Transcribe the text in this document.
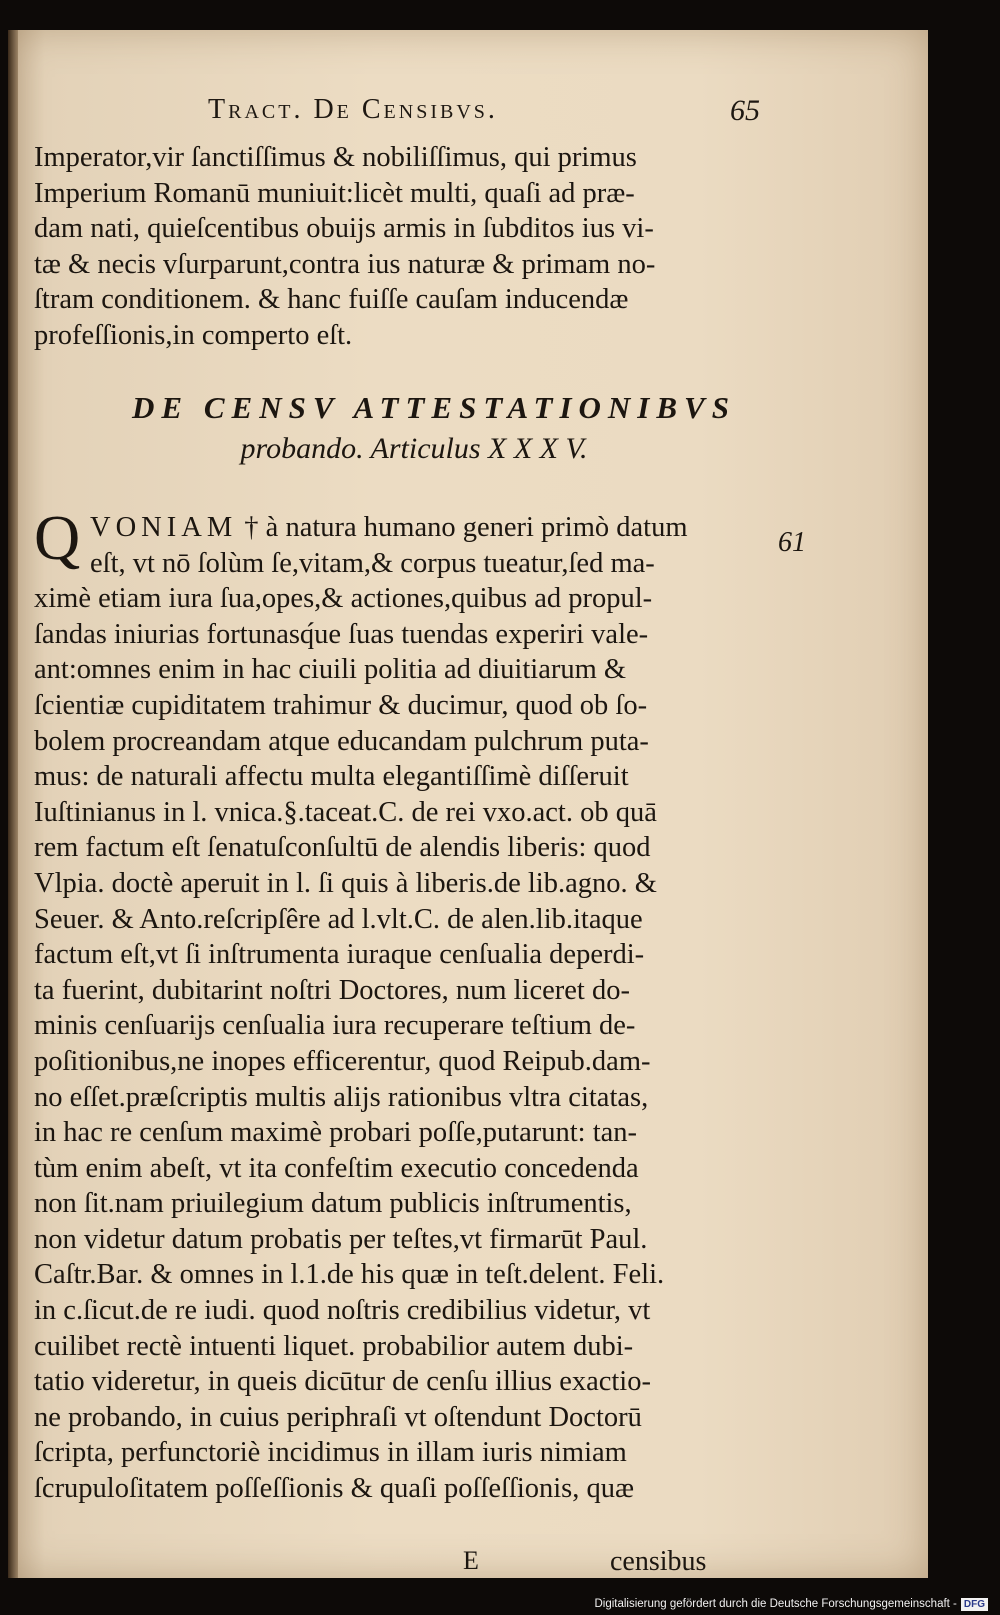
Tract. De Censibvs.	65
Imperator,vir ſanctiſſimus & nobiliſſimus, qui primus
Imperium Romanū muniuit:licèt multi, quaſi ad præ-
dam nati, quieſcentibus obuijs armis in ſubditos ius vi-
tæ & necis vſurparunt,contra ius naturæ & primam no-
ſtram conditionem. & hanc fuiſſe cauſam inducendæ
profeſſionis,in comperto eſt.
DE CENSV ATTESTATIONIBVS
probando. Articulus X X X V.
61
Q VONIAM † à natura humano generi primò datum
eſt, vt nō ſolùm ſe,vitam,& corpus tueatur,ſed ma-
ximè etiam iura ſua,opes,& actiones,quibus ad propul-
ſandas iniurias fortunasq́ue ſuas tuendas experiri vale-
ant:omnes enim in hac ciuili politia ad diuitiarum &
ſcientiæ cupiditatem trahimur & ducimur, quod ob ſo-
bolem procreandam atque educandam pulchrum puta-
mus: de naturali affectu multa elegantiſſimè diſſeruit
Iuſtinianus in l. vnica.§.taceat.C. de rei vxo.act. ob quā
rem factum eſt ſenatuſconſultū de alendis liberis: quod
Vlpia. doctè aperuit in l. ſi quis à liberis.de lib.agno. &
Seuer. & Anto.reſcripſêre ad l.vlt.C. de alen.lib.itaque
factum eſt,vt ſi inſtrumenta iuraque cenſualia deperdi-
ta fuerint, dubitarint noſtri Doctores, num liceret do-
minis cenſuarijs cenſualia iura recuperare teſtium de-
poſitionibus,ne inopes efficerentur, quod Reipub.dam-
no eſſet.præſcriptis multis alijs rationibus vltra citatas,
in hac re cenſum maximè probari poſſe,putarunt: tan-
tùm enim abeſt, vt ita confeſtim executio concedenda
non ſit.nam priuilegium datum publicis inſtrumentis,
non videtur datum probatis per teſtes,vt firmarūt Paul.
Caſtr.Bar. & omnes in l.1.de his quæ in teſt.delent. Feli.
in c.ſicut.de re iudi. quod noſtris credibilius videtur, vt
cuilibet rectè intuenti liquet. probabilior autem dubi-
tatio videretur, in queis dicūtur de cenſu illius exactio-
ne probando, in cuius periphraſi vt oſtendunt Doctorū
ſcripta, perfunctoriè incidimus in illam iuris nimiam
ſcrupuloſitatem poſſeſſionis & quaſi poſſeſſionis, quæ
E	censibus
Digitalisierung gefördert durch die Deutsche Forschungsgemeinschaft - DFG
